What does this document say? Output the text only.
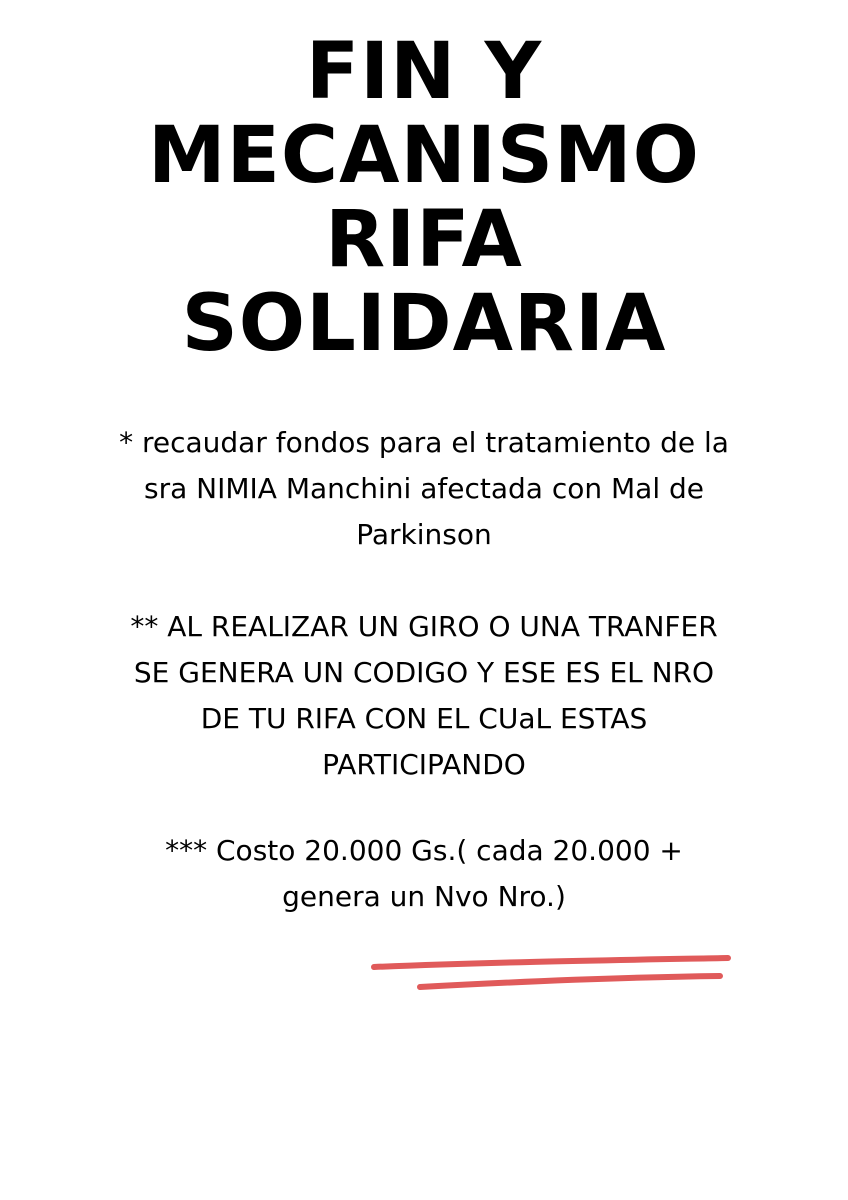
FIN Y
MECANISMO
RIFA
SOLIDARIA
* recaudar fondos para el tratamiento de la
sra NIMIA Manchini afectada con Mal de
Parkinson
** AL REALIZAR UN GIRO O UNA TRANFER
SE GENERA UN CODIGO Y ESE ES EL NRO
DE TU RIFA CON EL CUaL ESTAS
PARTICIPANDO
*** Costo 20.000 Gs.( cada 20.000 +
genera un Nvo Nro.)
